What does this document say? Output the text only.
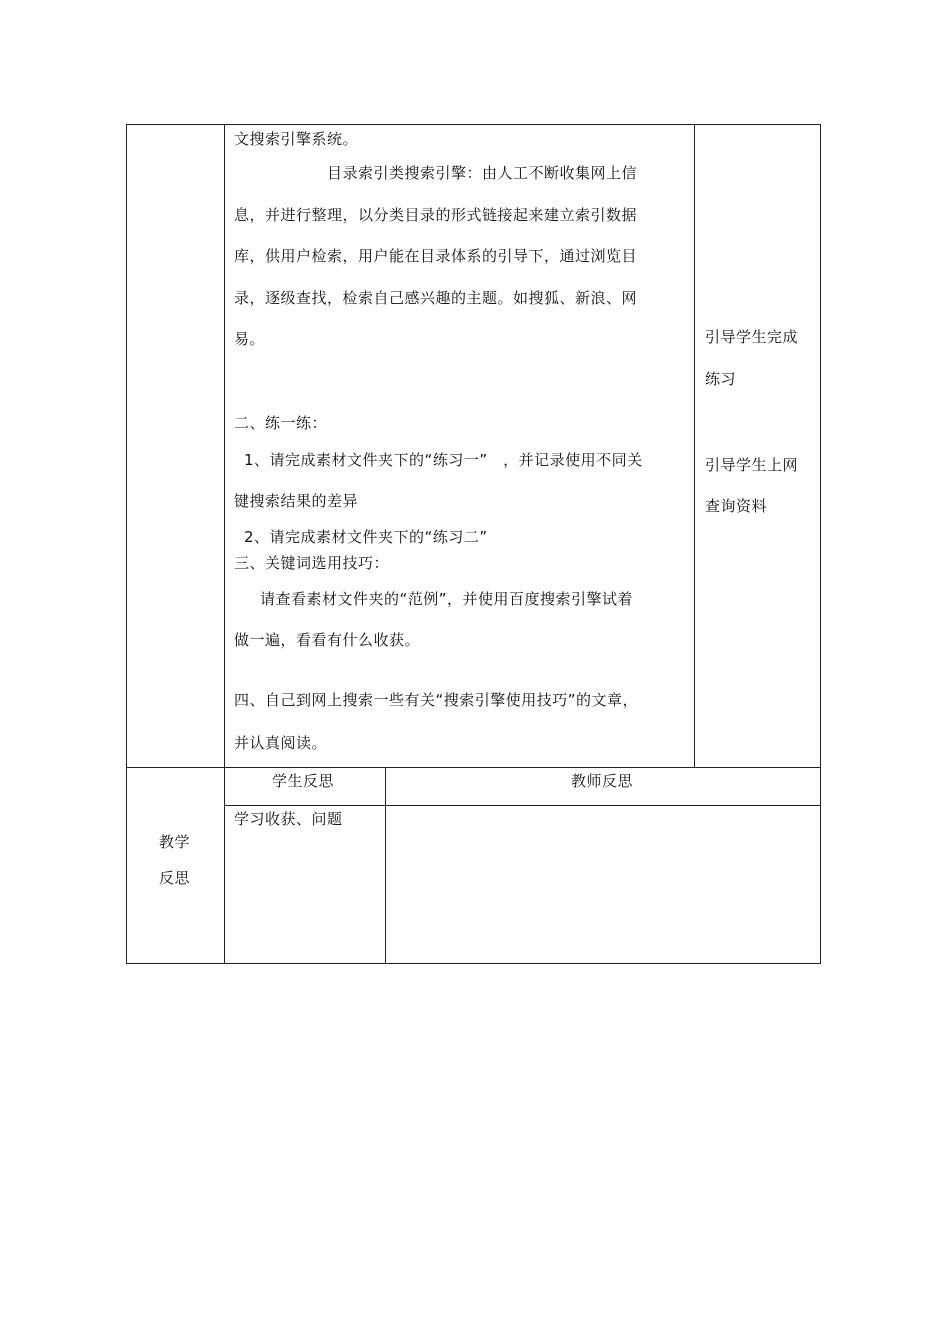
文搜索引擎系统。
目录索引类搜索引擎：由人工不断收集网上信
息，并进行整理，以分类目录的形式链接起来建立索引数据
库，供用户检索，用户能在目录体系的引导下，通过浏览目
录，逐级查找，检索自己感兴趣的主题。如搜狐、新浪、网
易。
二、练一练：
1、请完成素材文件夹下的“练习一”　，并记录使用不同关
键搜索结果的差异
2、请完成素材文件夹下的“练习二”
三、关键词选用技巧：
请查看素材文件夹的“范例”，并使用百度搜索引擎试着
做一遍，看看有什么收获。
四、自己到网上搜索一些有关“搜索引擎使用技巧”的文章，
并认真阅读。
引导学生完成
练习
引导学生上网
查询资料
教学
反思
学生反思	教师反思
学习收获、问题
